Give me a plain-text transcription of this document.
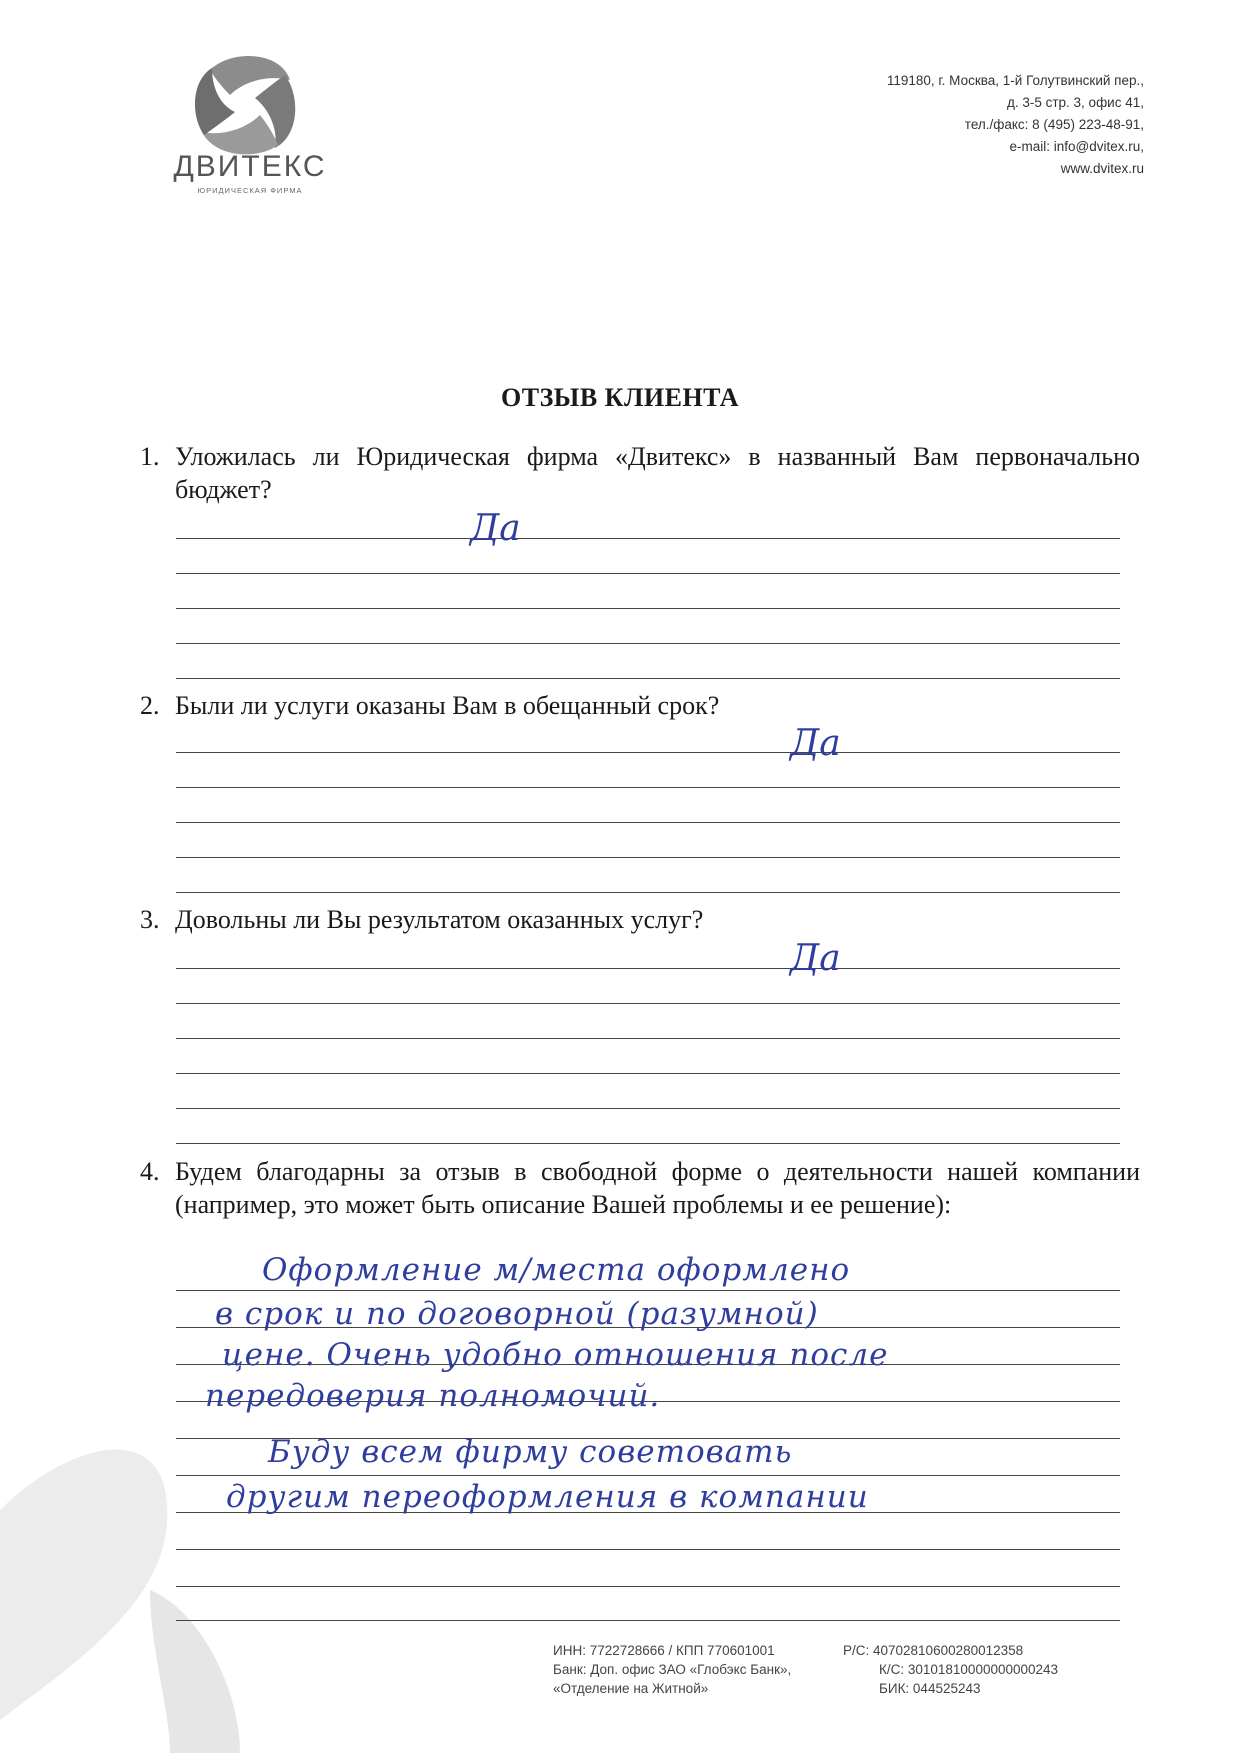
ДВИТЕКС
ЮРИДИЧЕСКАЯ ФИРМА
119180, г. Москва, 1-й Голутвинский пер.,
д. 3-5 стр. 3, офис 41,
тел./факс: 8 (495) 223-48-91,
e-mail: info@dvitex.ru,
www.dvitex.ru
ОТЗЫВ КЛИЕНТА
1. Уложилась ли Юридическая фирма «Двитекс» в названный Вам первоначально бюджет?
Да
2. Были ли услуги оказаны Вам в обещанный срок?
Да
3. Довольны ли Вы результатом оказанных услуг?
Да
4. Будем благодарны за отзыв в свободной форме о деятельности нашей компании (например, это может быть описание Вашей проблемы и ее решение):
Оформление м/места оформлено
в срок и по договорной (разумной)
цене. Очень удобно отношения после
передоверия полномочий.
Буду всем фирму советовать
другим переоформления в компании
ИНН: 7722728666 / КПП 770601001
Банк: Доп. офис ЗАО «Глобэкс Банк»,
«Отделение на Житной»
Р/С: 40702810600280012358
К/С: 30101810000000000243
БИК: 044525243
